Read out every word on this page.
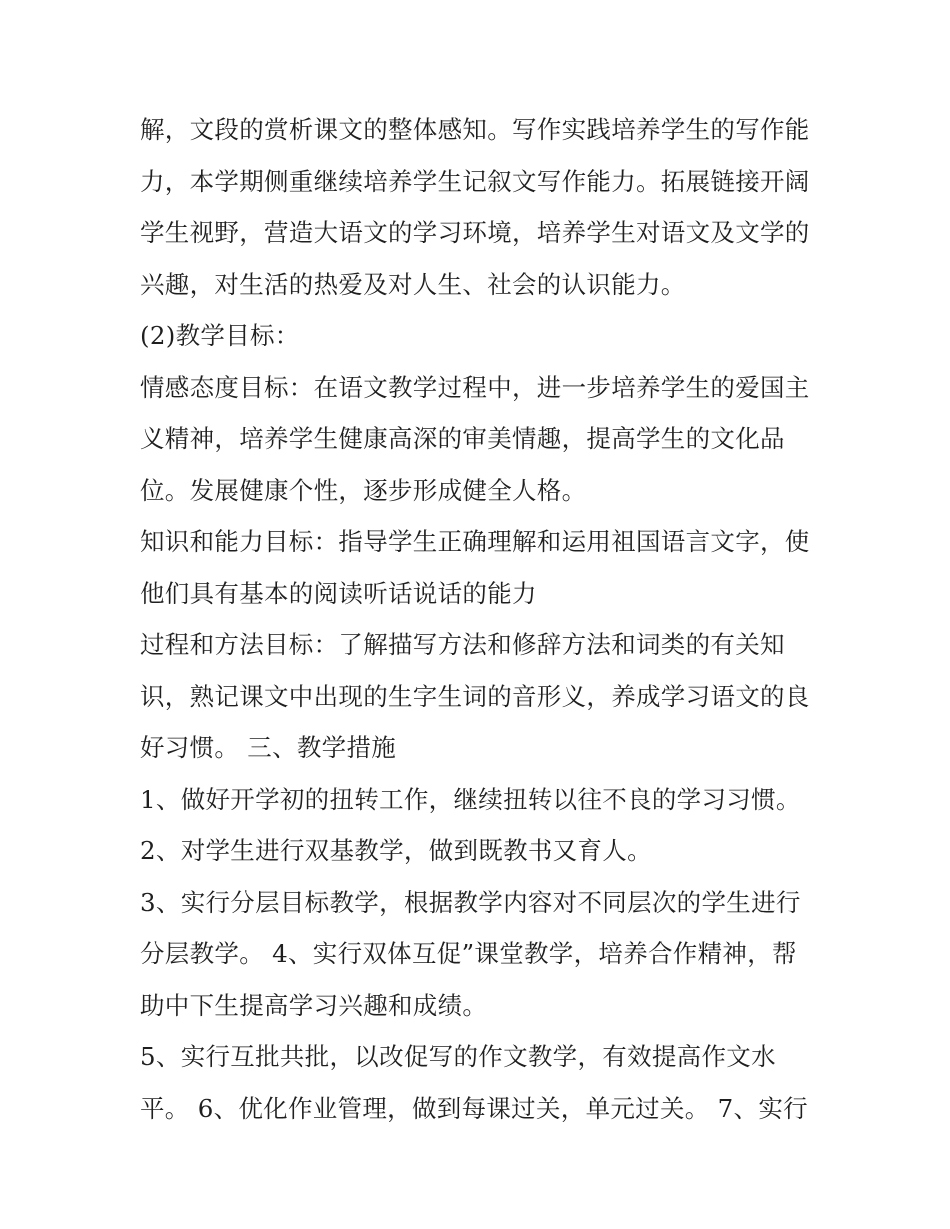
解，文段的赏析课文的整体感知。写作实践培养学生的写作能
力，本学期侧重继续培养学生记叙文写作能力。拓展链接开阔
学生视野，营造大语文的学习环境，培养学生对语文及文学的
兴趣，对生活的热爱及对人生、社会的认识能力。
(2)教学目标：
情感态度目标：在语文教学过程中，进一步培养学生的爱国主
义精神，培养学生健康高深的审美情趣，提高学生的文化品
位。发展健康个性，逐步形成健全人格。
知识和能力目标：指导学生正确理解和运用祖国语言文字，使
他们具有基本的阅读听话说话的能力
过程和方法目标：了解描写方法和修辞方法和词类的有关知
识，熟记课文中出现的生字生词的音形义，养成学习语文的良
好习惯。 三、教学措施
1、做好开学初的扭转工作，继续扭转以往不良的学习习惯。
2、对学生进行双基教学，做到既教书又育人。
3、实行分层目标教学，根据教学内容对不同层次的学生进行
分层教学。 4、实行双体互促”课堂教学，培养合作精神，帮
助中下生提高学习兴趣和成绩。
5、实行互批共批，以改促写的作文教学，有效提高作文水
平。 6、优化作业管理，做到每课过关，单元过关。 7、实行
